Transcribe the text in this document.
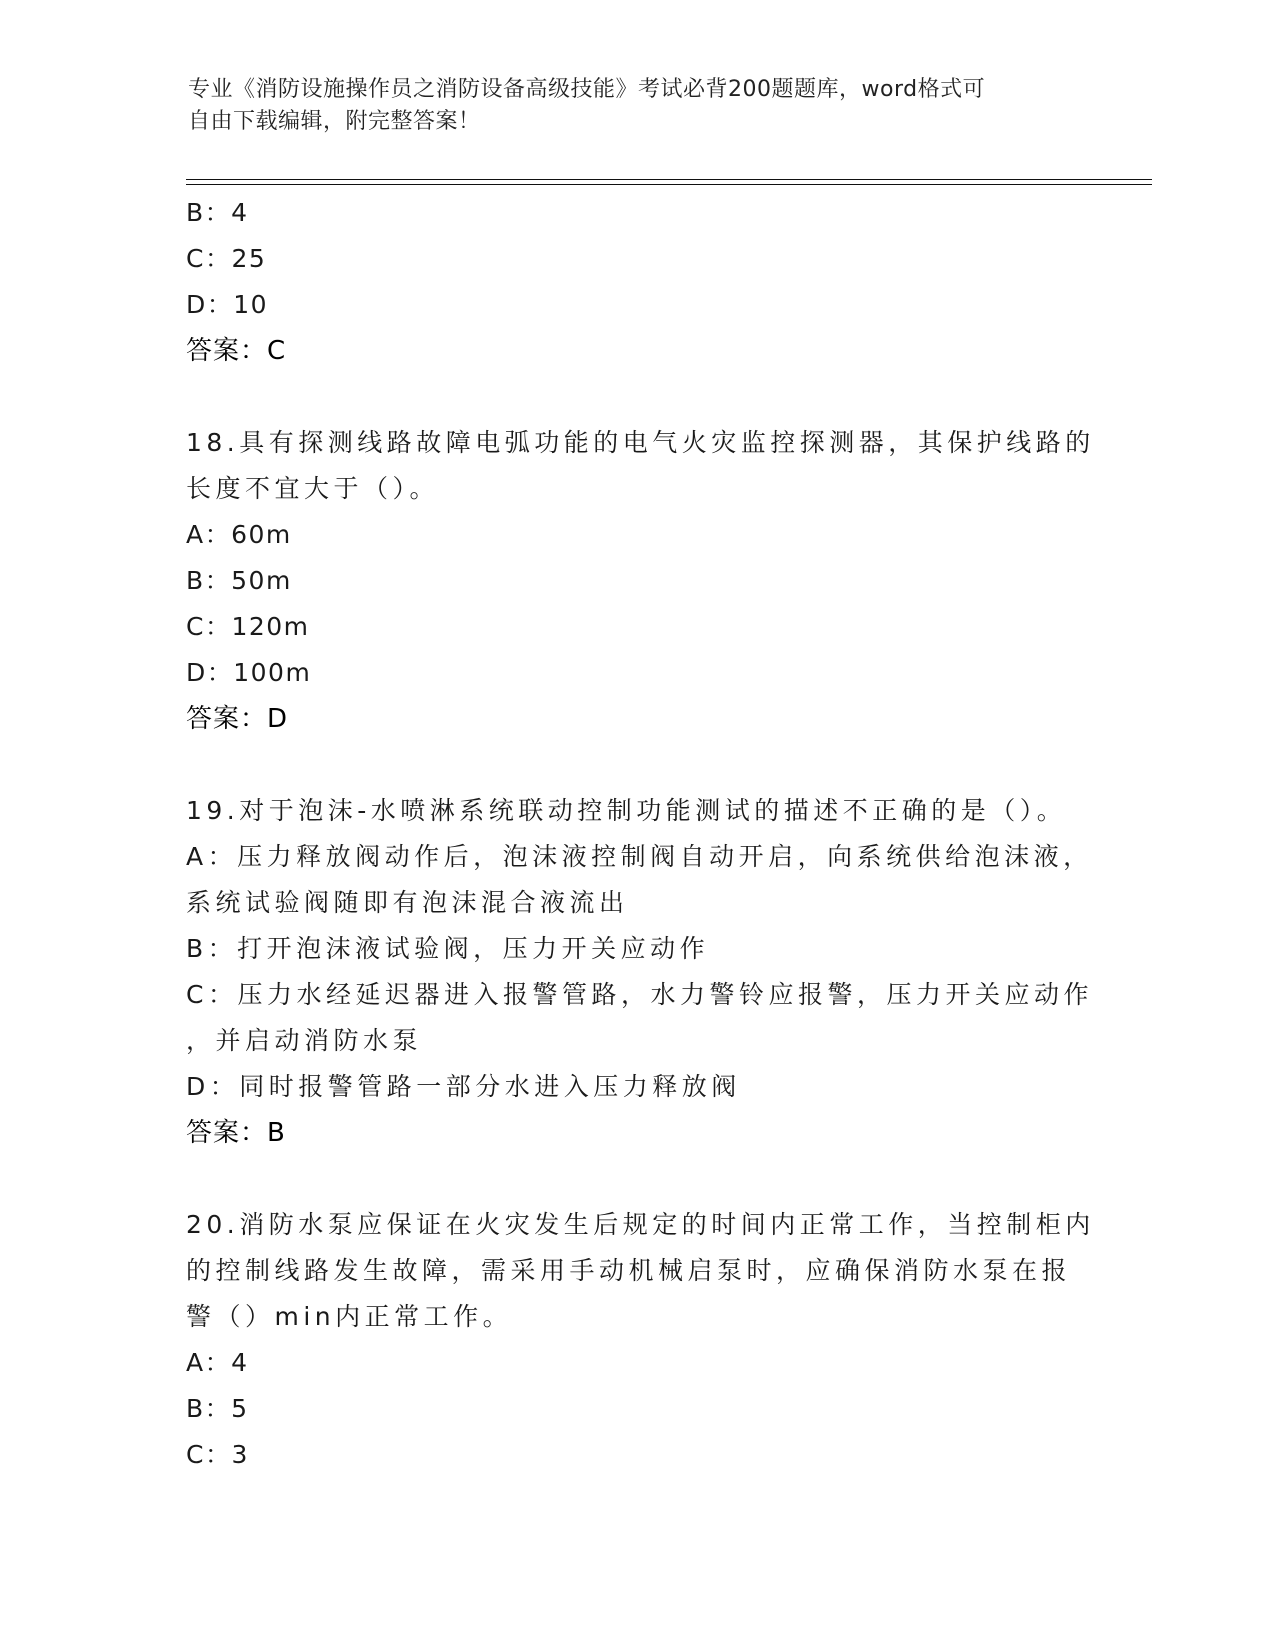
专业《消防设施操作员之消防设备高级技能》考试必背200题题库，word格式可
自由下载编辑，附完整答案！
B：4
C：25
D：10
答案：C
18.具有探测线路故障电弧功能的电气火灾监控探测器，其保护线路的
长度不宜大于（）。
A：60m
B：50m
C：120m
D：100m
答案：D
19.对于泡沫-水喷淋系统联动控制功能测试的描述不正确的是（）。
A：压力释放阀动作后，泡沫液控制阀自动开启，向系统供给泡沫液，
系统试验阀随即有泡沫混合液流出
B：打开泡沫液试验阀，压力开关应动作
C：压力水经延迟器进入报警管路，水力警铃应报警，压力开关应动作
，并启动消防水泵
D：同时报警管路一部分水进入压力释放阀
答案：B
20.消防水泵应保证在火灾发生后规定的时间内正常工作，当控制柜内
的控制线路发生故障，需采用手动机械启泵时，应确保消防水泵在报
警（）min内正常工作。
A：4
B：5
C：3
